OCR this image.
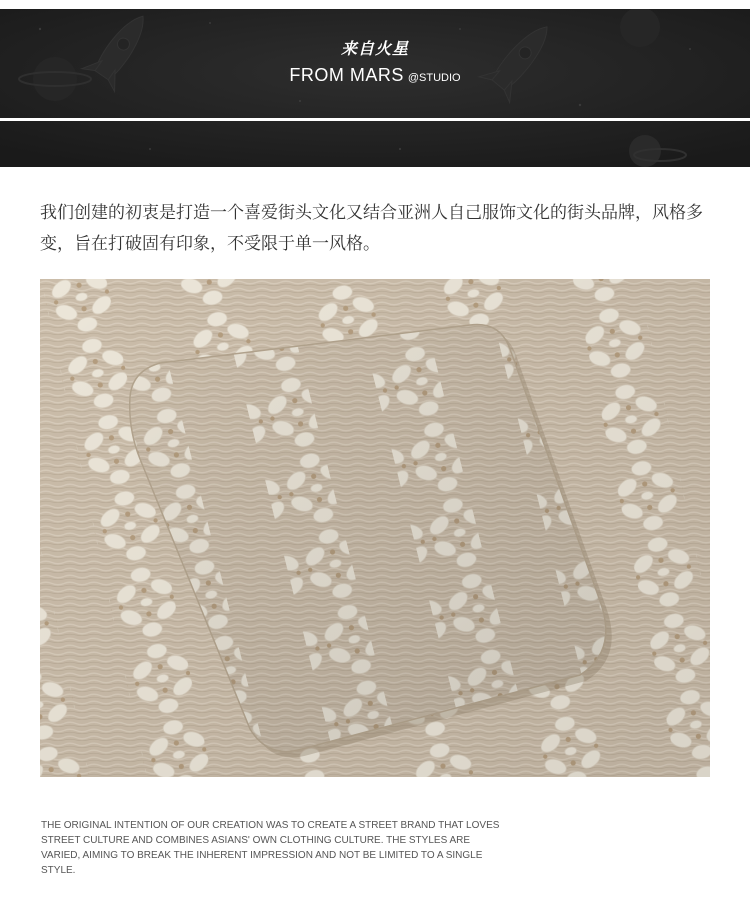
来自火星
FROM MARS @STUDIO

我们创建的初衷是打造一个喜爱街头文化又结合亚洲人自己服饰文化的街头品牌，风格多变，旨在打破固有印象，不受限于单一风格。

THE ORIGINAL INTENTION OF OUR CREATION WAS TO CREATE A STREET BRAND THAT LOVES STREET CULTURE AND COMBINES ASIANS' OWN CLOTHING CULTURE. THE STYLES ARE VARIED, AIMING TO BREAK THE INHERENT IMPRESSION AND NOT BE LIMITED TO A SINGLE STYLE.
